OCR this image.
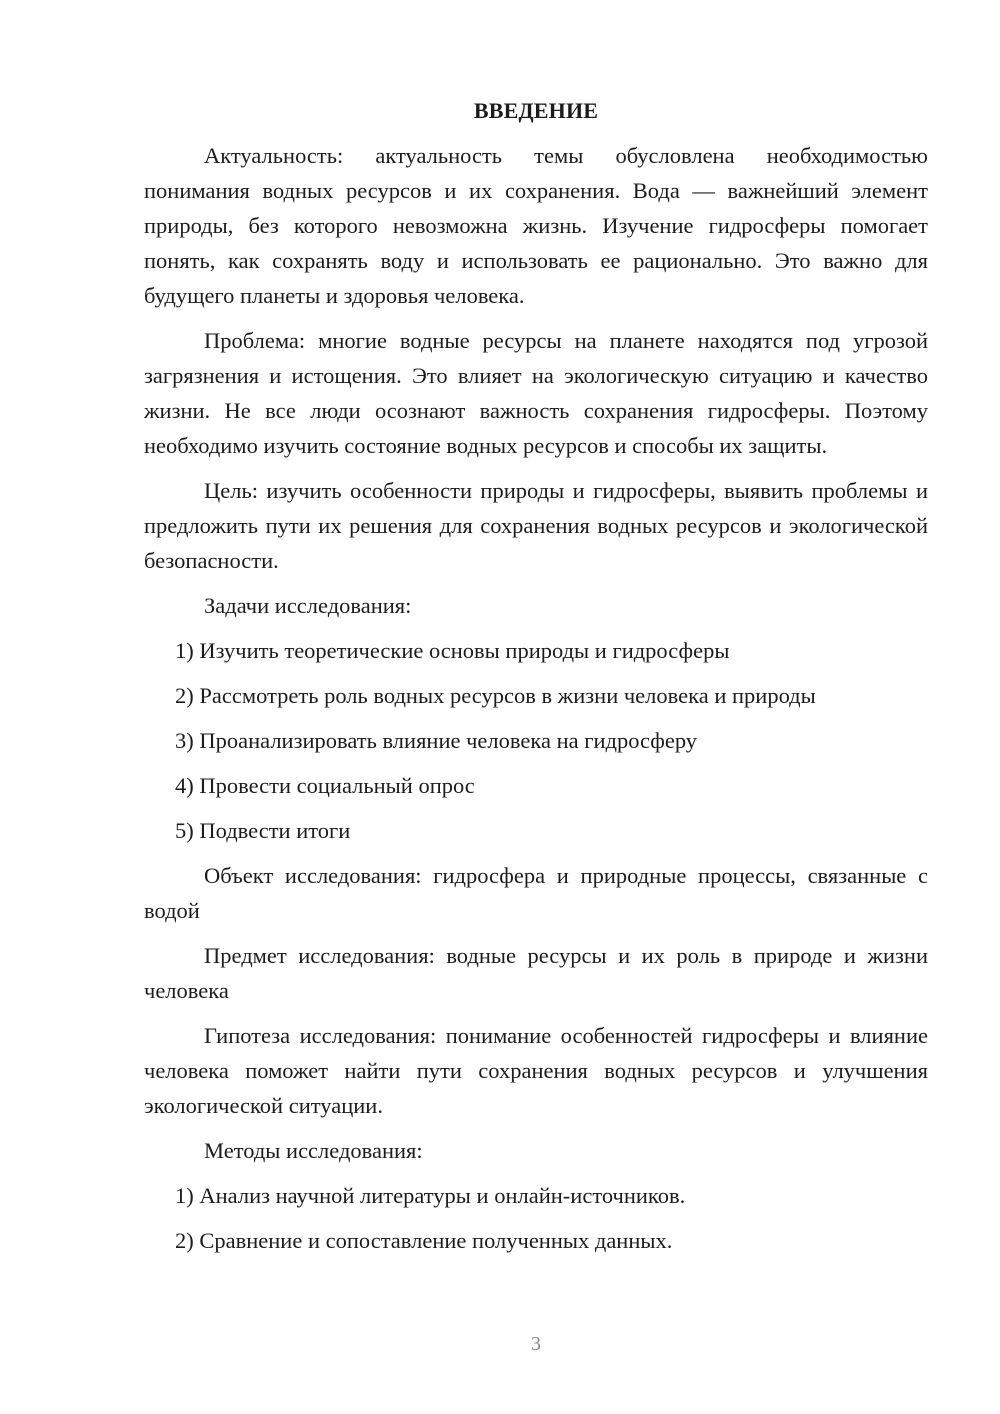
ВВЕДЕНИЕ

Актуальность: актуальность темы обусловлена необходимостью понимания водных ресурсов и их сохранения. Вода — важнейший элемент природы, без которого невозможна жизнь. Изучение гидросферы помогает понять, как сохранять воду и использовать ее рационально. Это важно для будущего планеты и здоровья человека.

Проблема: многие водные ресурсы на планете находятся под угрозой загрязнения и истощения. Это влияет на экологическую ситуацию и качество жизни. Не все люди осознают важность сохранения гидросферы. Поэтому необходимо изучить состояние водных ресурсов и способы их защиты.

Цель: изучить особенности природы и гидросферы, выявить проблемы и предложить пути их решения для сохранения водных ресурсов и экологической безопасности.

Задачи исследования:

1) Изучить теоретические основы природы и гидросферы

2) Рассмотреть роль водных ресурсов в жизни человека и природы

3) Проанализировать влияние человека на гидросферу

4) Провести социальный опрос

5) Подвести итоги

Объект исследования: гидросфера и природные процессы, связанные с водой

Предмет исследования: водные ресурсы и их роль в природе и жизни человека

Гипотеза исследования: понимание особенностей гидросферы и влияние человека поможет найти пути сохранения водных ресурсов и улучшения экологической ситуации.

Методы исследования:

1) Анализ научной литературы и онлайн-источников.

2) Сравнение и сопоставление полученных данных.

3
